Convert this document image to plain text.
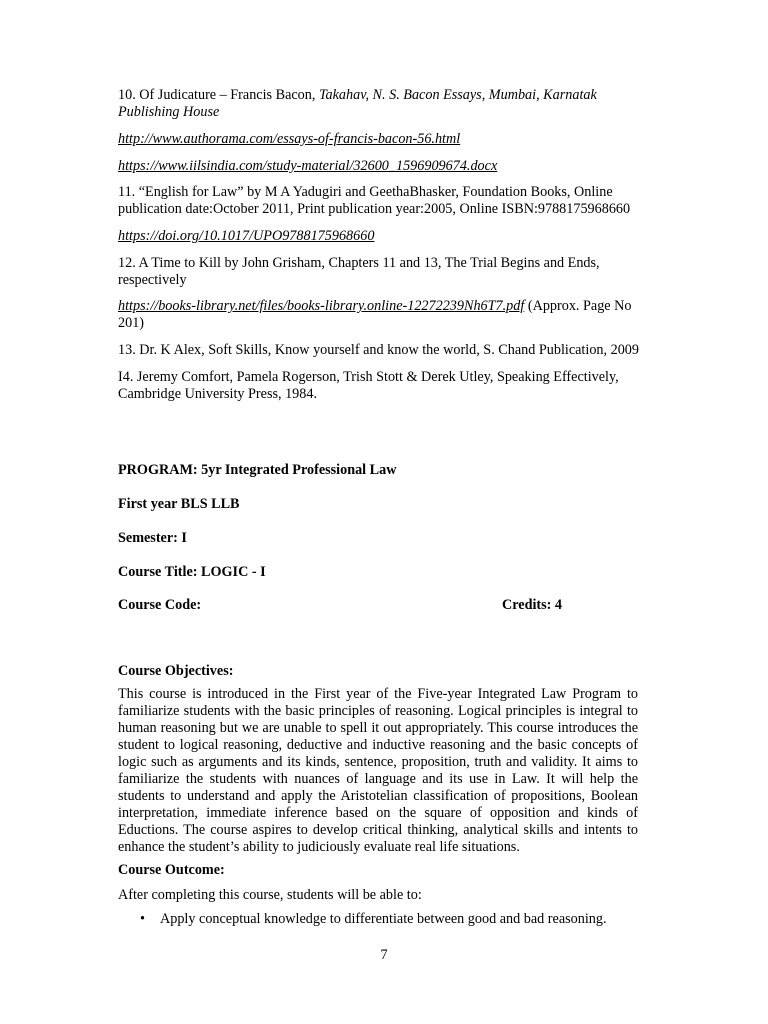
10. Of Judicature – Francis Bacon, Takahav, N. S. Bacon Essays, Mumbai, Karnatak Publishing House
http://www.authorama.com/essays-of-francis-bacon-56.html
https://www.iilsindia.com/study-material/32600_1596909674.docx
11. “English for Law” by M A Yadugiri and GeethaBhasker, Foundation Books, Online publication date:October 2011, Print publication year:2005, Online ISBN:9788175968660
https://doi.org/10.1017/UPO9788175968660
12. A Time to Kill by John Grisham, Chapters 11 and 13, The Trial Begins and Ends, respectively
https://books-library.net/files/books-library.online-12272239Nh6T7.pdf (Approx. Page No 201)
13. Dr. K Alex, Soft Skills, Know yourself and know the world, S. Chand Publication, 2009
I4. Jeremy Comfort, Pamela Rogerson, Trish Stott & Derek Utley, Speaking Effectively, Cambridge University Press, 1984.
PROGRAM: 5yr Integrated Professional Law
First year BLS LLB
Semester: I
Course Title: LOGIC - I
Course Code:	Credits: 4
Course Objectives:
This course is introduced in the First year of the Five-year Integrated Law Program to familiarize students with the basic principles of reasoning. Logical principles is integral to human reasoning but we are unable to spell it out appropriately. This course introduces the student to logical reasoning, deductive and inductive reasoning and the basic concepts of logic such as arguments and its kinds, sentence, proposition, truth and validity. It aims to familiarize the students with nuances of language and its use in Law. It will help the students to understand and apply the Aristotelian classification of propositions, Boolean interpretation, immediate inference based on the square of opposition and kinds of Eductions. The course aspires to develop critical thinking, analytical skills and intents to enhance the student’s ability to judiciously evaluate real life situations.
Course Outcome:
After completing this course, students will be able to:
• Apply conceptual knowledge to differentiate between good and bad reasoning.
7
